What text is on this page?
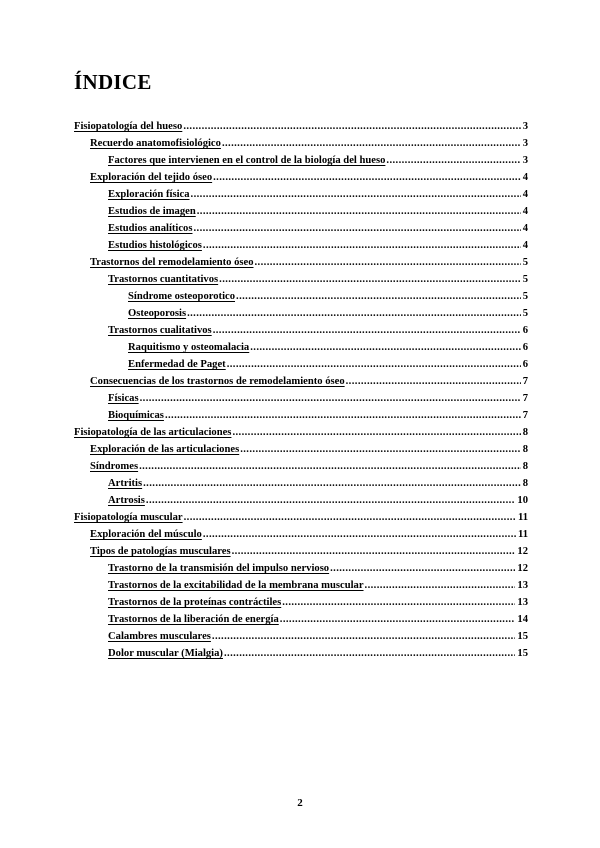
ÍNDICE
Fisiopatología del hueso .....	3
Recuerdo anatomofisiológico .....	3
Factores que intervienen en el control de la biología del hueso .....	3
Exploración del tejido óseo .....	4
Exploración física .....	4
Estudios de imagen .....	4
Estudios analíticos .....	4
Estudios histológicos .....	4
Trastornos del remodelamiento óseo .....	5
Trastornos cuantitativos .....	5
Síndrome osteoporotico .....	5
Osteoporosis .....	5
Trastornos cualitativos .....	6
Raquitismo y osteomalacia .....	6
Enfermedad de Paget .....	6
Consecuencias de los trastornos de remodelamiento óseo .....	7
Físicas .....	7
Bioquímicas .....	7
Fisiopatología de las articulaciones .....	8
Exploración de las articulaciones .....	8
Síndromes .....	8
Artritis .....	8
Artrosis .....	10
Fisiopatología muscular .....	11
Exploración del músculo .....	11
Tipos de patologías musculares .....	12
Trastorno de la transmisión del impulso nervioso .....	12
Trastornos de la excitabilidad de la membrana muscular .....	13
Trastornos de la proteínas contráctiles .....	13
Trastornos de la liberación de energía .....	14
Calambres musculares .....	15
Dolor muscular (Mialgia) .....	15
2
